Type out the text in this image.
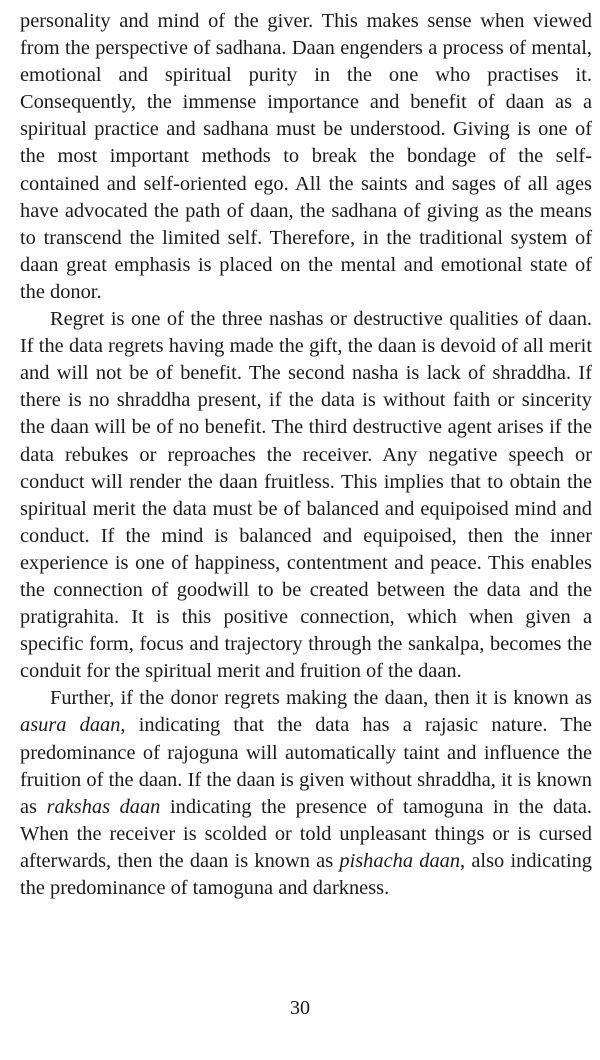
personality and mind of the giver. This makes sense when viewed from the perspective of sadhana. Daan engenders a process of mental, emotional and spiritual purity in the one who practises it. Consequently, the immense importance and benefit of daan as a spiritual practice and sadhana must be understood. Giving is one of the most important methods to break the bondage of the self-contained and self-oriented ego. All the saints and sages of all ages have advocated the path of daan, the sadhana of giving as the means to transcend the limited self. Therefore, in the traditional system of daan great emphasis is placed on the mental and emotional state of the donor.

Regret is one of the three nashas or destructive qualities of daan. If the data regrets having made the gift, the daan is devoid of all merit and will not be of benefit. The second nasha is lack of shraddha. If there is no shraddha present, if the data is without faith or sincerity the daan will be of no benefit. The third destructive agent arises if the data rebukes or reproaches the receiver. Any negative speech or conduct will render the daan fruitless. This implies that to obtain the spiritual merit the data must be of balanced and equipoised mind and conduct. If the mind is balanced and equipoised, then the inner experience is one of happiness, contentment and peace. This enables the connection of goodwill to be created between the data and the pratigrahita. It is this positive connection, which when given a specific form, focus and trajectory through the sankalpa, becomes the conduit for the spiritual merit and fruition of the daan.

Further, if the donor regrets making the daan, then it is known as asura daan, indicating that the data has a rajasic nature. The predominance of rajoguna will automatically taint and influence the fruition of the daan. If the daan is given without shraddha, it is known as rakshas daan indicating the presence of tamoguna in the data. When the receiver is scolded or told unpleasant things or is cursed afterwards, then the daan is known as pishacha daan, also indicating the predominance of tamoguna and darkness.

30
